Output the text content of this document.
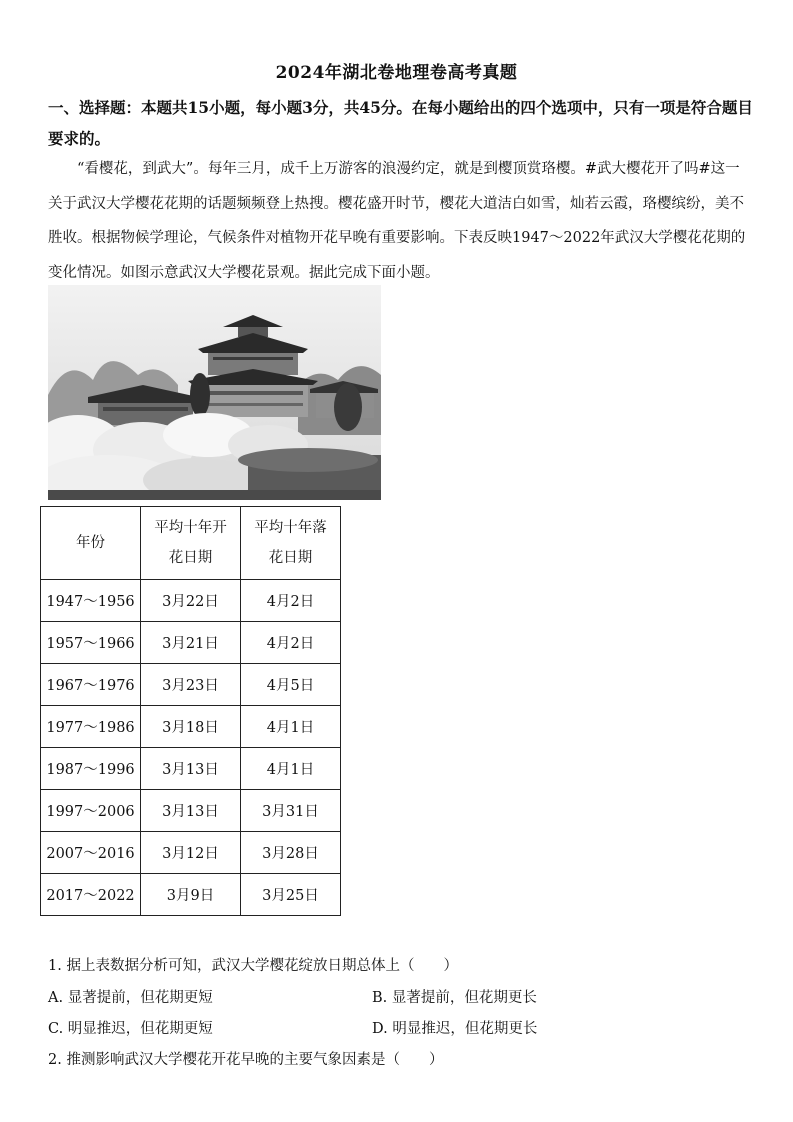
2024年湖北卷地理卷高考真题
一、选择题：本题共15小题，每小题3分，共45分。在每小题给出的四个选项中，只有一项是符合题目要求的。
“看樱花，到武大”。每年三月，成千上万游客的浪漫约定，就是到樱顶赏珞樱。#武大樱花开了吗#这一关于武汉大学樱花花期的话题频频登上热搜。樱花盛开时节，樱花大道洁白如雪，灿若云霞，珞樱缤纷，美不胜收。根据物候学理论，气候条件对植物开花早晚有重要影响。下表反映1947～2022年武汉大学樱花花期的变化情况。如图示意武汉大学樱花景观。据此完成下面小题。
年份	平均十年开花日期	平均十年落花日期

1947～1956	3月22日	4月2日
1957～1966	3月21日	4月2日
1967～1976	3月23日	4月5日
1977～1986	3月18日	4月1日
1987～1996	3月13日	4月1日
1997～2006	3月13日	3月31日
2007～2016	3月12日	3月28日
2017～2022	3月9日	3月25日
1. 据上表数据分析可知，武汉大学樱花绽放日期总体上（　　）
A. 显著提前，但花期更短	B. 显著提前，但花期更长
C. 明显推迟，但花期更短	D. 明显推迟，但花期更长
2. 推测影响武汉大学樱花开花早晚的主要气象因素是（　　）
